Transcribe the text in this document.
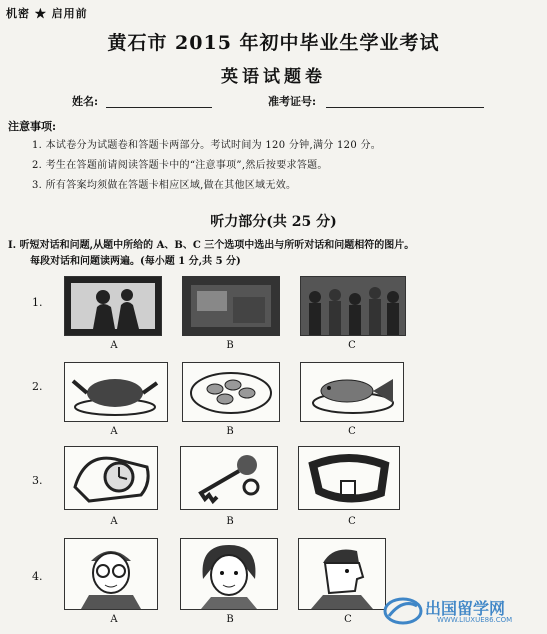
机密 ★ 启用前
黄石市 2015 年初中毕业生学业考试
英语试题卷
姓名:	准考证号:
注意事项:
1. 本试卷分为试题卷和答题卡两部分。考试时间为 120 分钟,满分 120 分。
2. 考生在答题前请阅读答题卡中的“注意事项”,然后按要求答题。
3. 所有答案均须做在答题卡相应区域,做在其他区域无效。
听力部分(共 25 分)
I. 听短对话和问题,从题中所给的 A、B、C 三个选项中选出与所听对话和问题相符的图片。
每段对话和问题读两遍。(每小题 1 分,共 5 分)
1.
A	B	C
2.
A	B	C
3.
A	B	C
4.
A	B	C
出国留学网
WWW.LIUXUE86.COM
